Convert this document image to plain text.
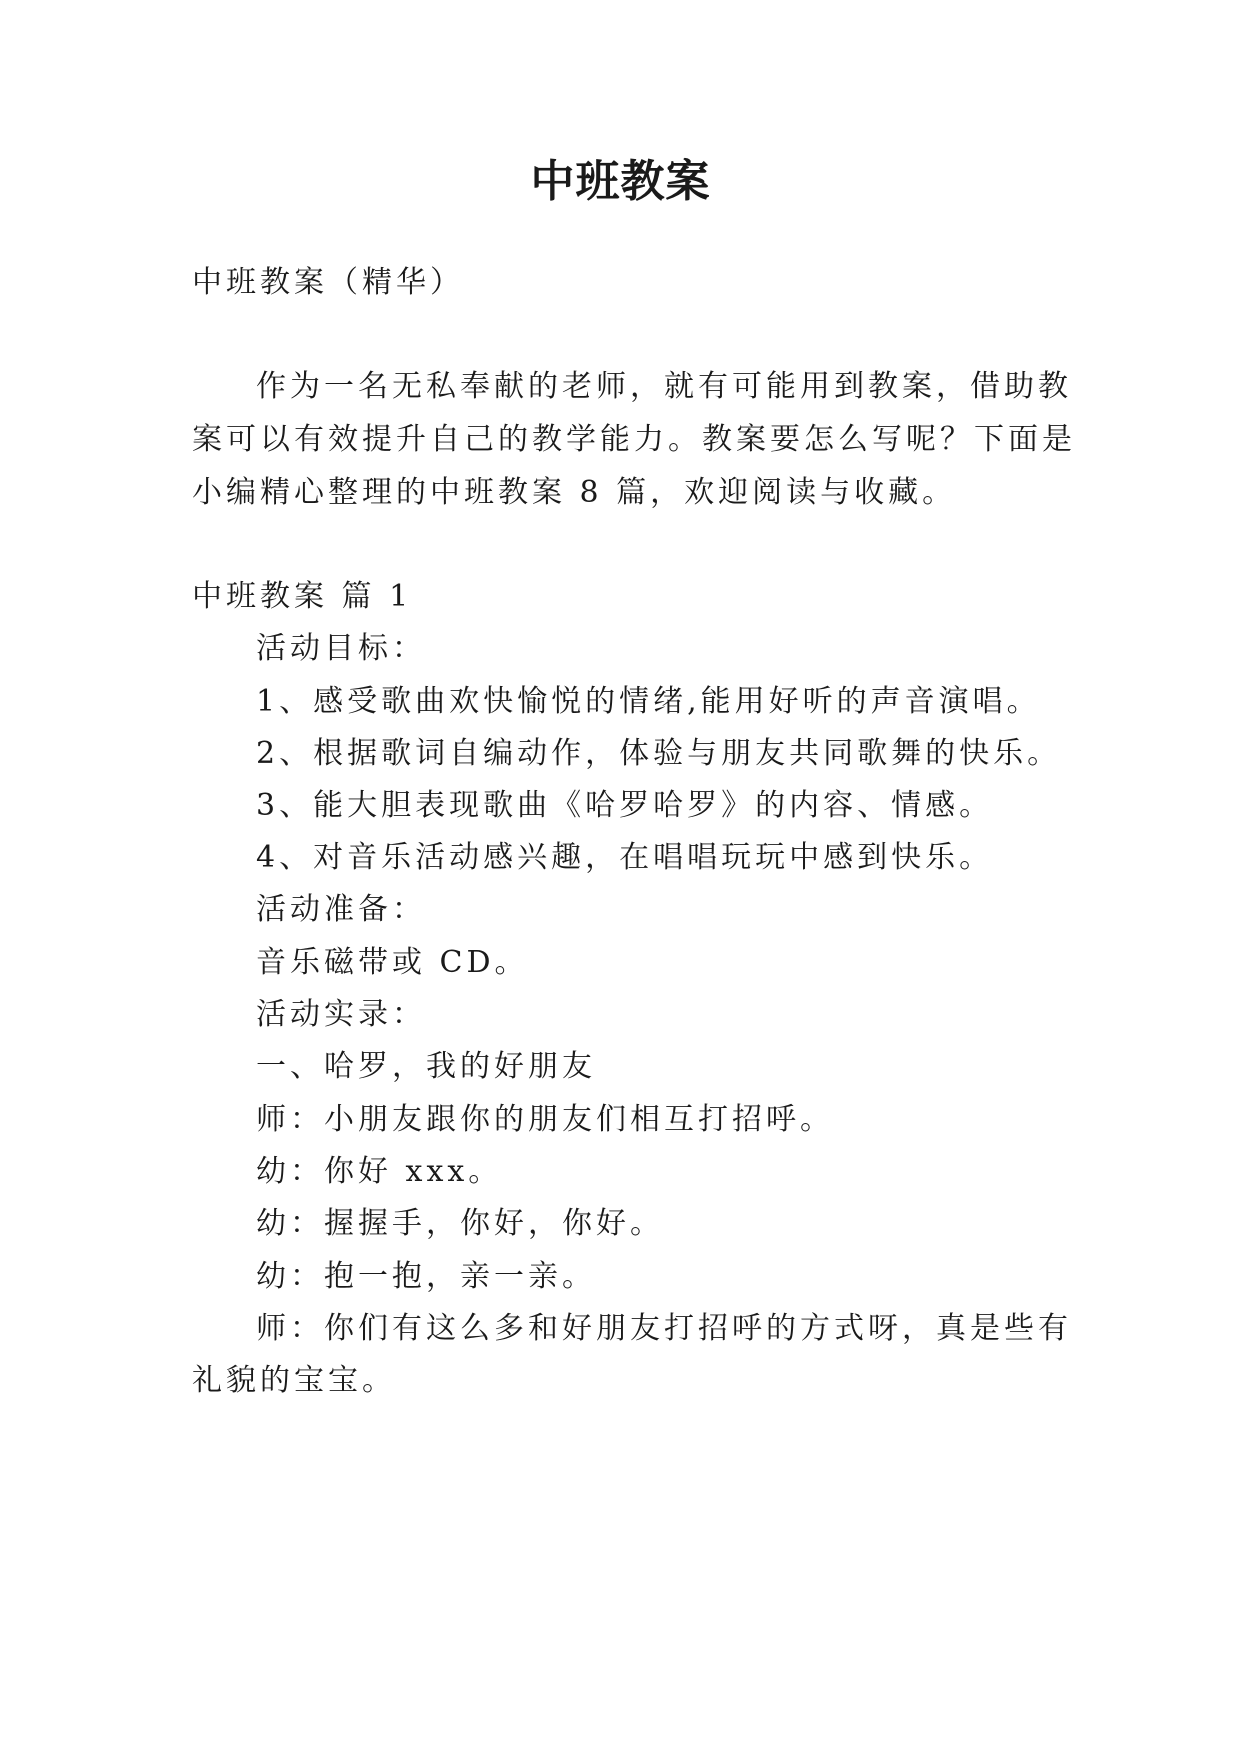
中班教案
中班教案（精华）
作为一名无私奉献的老师，就有可能用到教案，借助教
案可以有效提升自己的教学能力。教案要怎么写呢？下面是
小编精心整理的中班教案 8 篇，欢迎阅读与收藏。
中班教案 篇 1
活动目标：
1、感受歌曲欢快愉悦的情绪,能用好听的声音演唱。
2、根据歌词自编动作，体验与朋友共同歌舞的快乐。
3、能大胆表现歌曲《哈罗哈罗》的内容、情感。
4、对音乐活动感兴趣，在唱唱玩玩中感到快乐。
活动准备：
音乐磁带或 CD。
活动实录：
一、哈罗，我的好朋友
师：小朋友跟你的朋友们相互打招呼。
幼：你好 xxx。
幼：握握手，你好，你好。
幼：抱一抱，亲一亲。
师：你们有这么多和好朋友打招呼的方式呀，真是些有
礼貌的宝宝。
